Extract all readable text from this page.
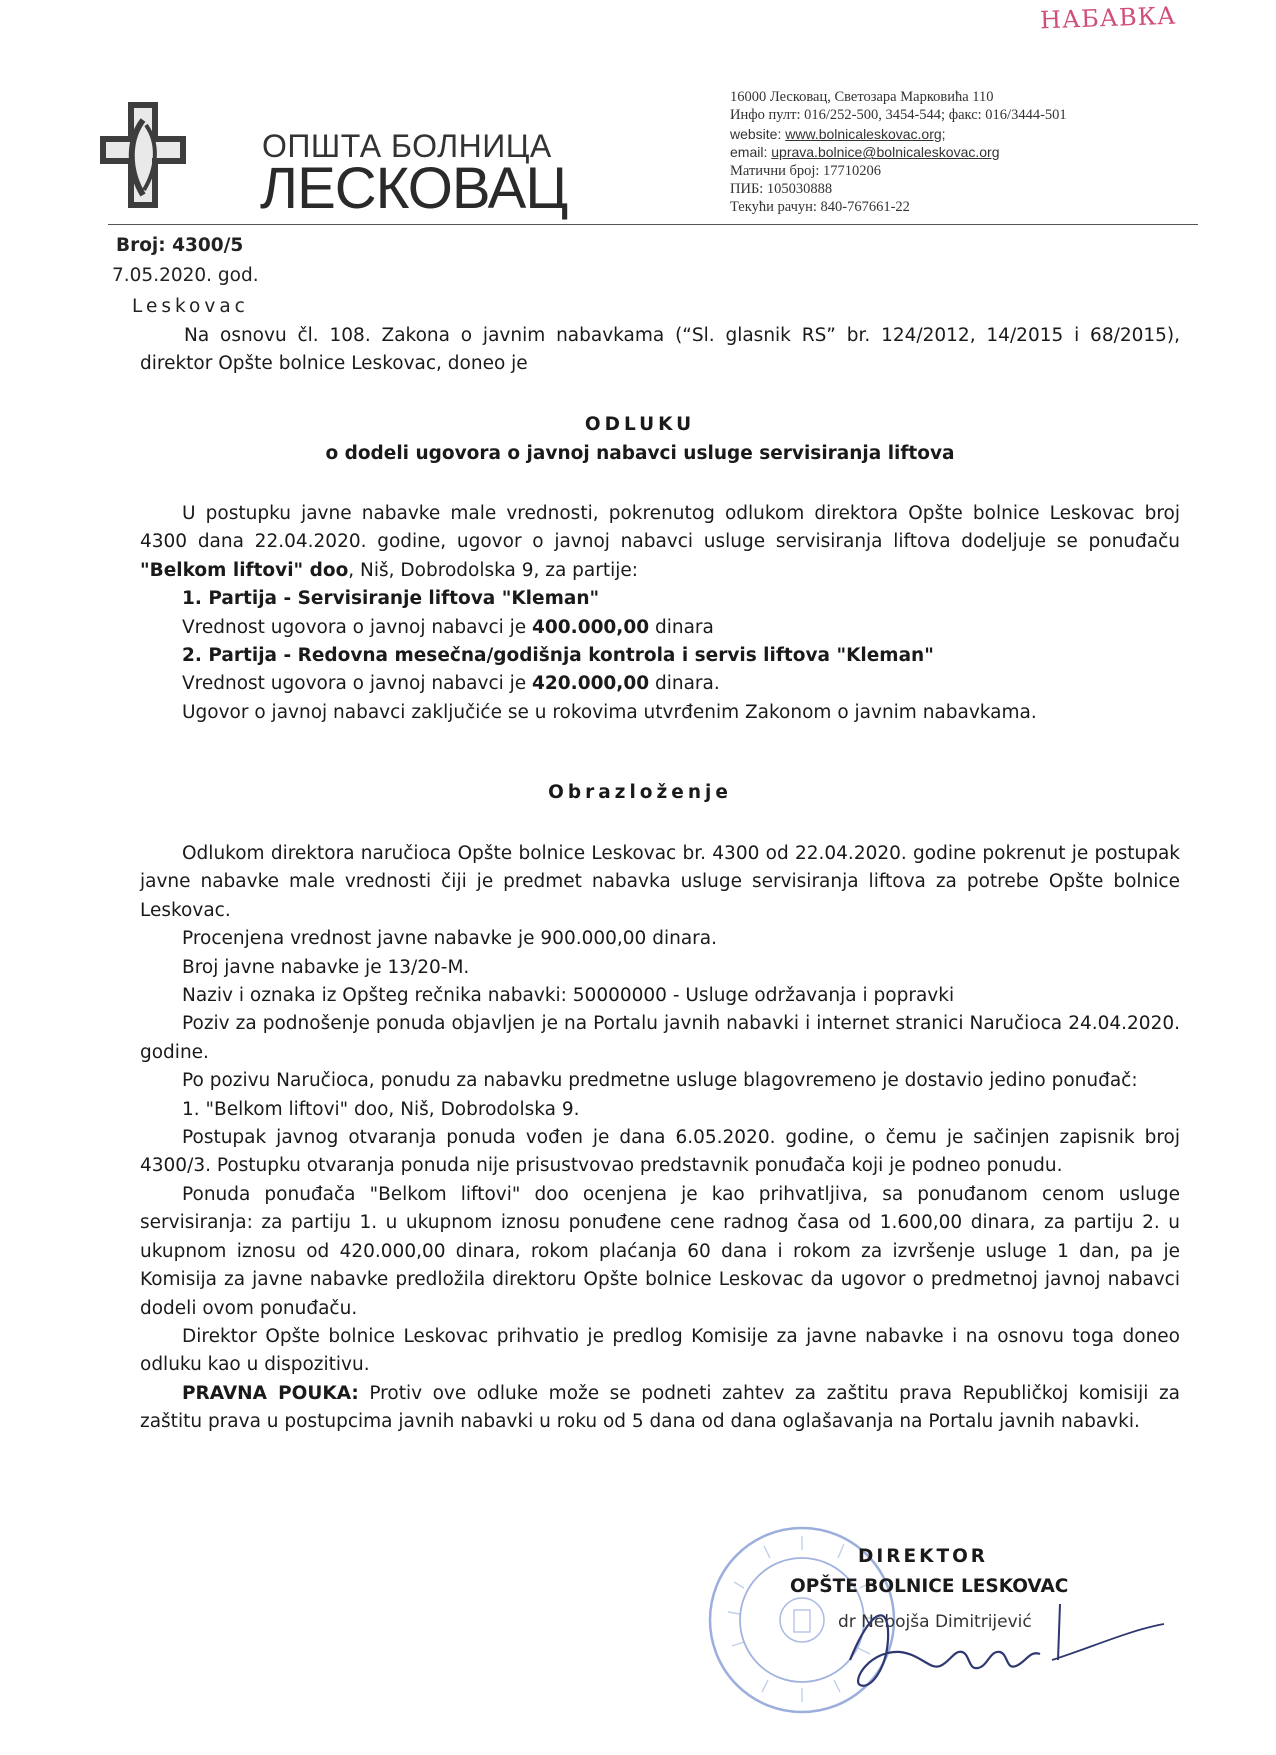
НАБАВКА
ОПШТА БОЛНИЦА
ЛЕСКОВАЦ
16000 Лесковац, Светозара Марковића 110
Инфо пулт: 016/252-500, 3454-544; факс: 016/3444-501
website: www.bolnicaleskovac.org;
email: uprava.bolnice@bolnicaleskovac.org
Матични број: 17710206
ПИБ: 105030888
Текући рачун: 840-767661-22
Broj: 4300/5
7.05.2020. god.
Leskovac

Na osnovu čl. 108. Zakona o javnim nabavkama (“Sl. glasnik RS” br. 124/2012, 14/2015 i 68/2015), direktor Opšte bolnice Leskovac, doneo je

ODLUKU
o dodeli ugovora o javnoj nabavci usluge servisiranja liftova

U postupku javne nabavke male vrednosti, pokrenutog odlukom direktora Opšte bolnice Leskovac broj 4300 dana 22.04.2020. godine, ugovor o javnoj nabavci usluge servisiranja liftova dodeljuje se ponuđaču "Belkom liftovi" doo, Niš, Dobrodolska 9, za partije:

1. Partija - Servisiranje liftova "Kleman"

Vrednost ugovora o javnoj nabavci je 400.000,00 dinara

2. Partija - Redovna mesečna/godišnja kontrola i servis liftova "Kleman"

Vrednost ugovora o javnoj nabavci je 420.000,00 dinara.

Ugovor o javnoj nabavci zaključiće se u rokovima utvrđenim Zakonom o javnim nabavkama.

Obrazloženje

Odlukom direktora naručioca Opšte bolnice Leskovac br. 4300 od 22.04.2020. godine pokrenut je postupak javne nabavke male vrednosti čiji je predmet nabavka usluge servisiranja liftova za potrebe Opšte bolnice Leskovac.

Procenjena vrednost javne nabavke je 900.000,00 dinara.

Broj javne nabavke je 13/20-M.

Naziv i oznaka iz Opšteg rečnika nabavki: 50000000 - Usluge održavanja i popravki

Poziv za podnošenje ponuda objavljen je na Portalu javnih nabavki i internet stranici Naručioca 24.04.2020. godine.

Po pozivu Naručioca, ponudu za nabavku predmetne usluge blagovremeno je dostavio jedino ponuđač:

1. "Belkom liftovi" doo, Niš, Dobrodolska 9.

Postupak javnog otvaranja ponuda vođen je dana 6.05.2020. godine, o čemu je sačinjen zapisnik broj 4300/3. Postupku otvaranja ponuda nije prisustvovao predstavnik ponuđača koji je podneo ponudu.

Ponuda ponuđača "Belkom liftovi" doo ocenjena je kao prihvatljiva, sa ponuđanom cenom usluge servisiranja: za partiju 1. u ukupnom iznosu ponuđene cene radnog časa od 1.600,00 dinara, za partiju 2. u ukupnom iznosu od 420.000,00 dinara, rokom plaćanja 60 dana i rokom za izvršenje usluge 1 dan, pa je Komisija za javne nabavke predložila direktoru Opšte bolnice Leskovac da ugovor o predmetnoj javnoj nabavci dodeli ovom ponuđaču.

Direktor Opšte bolnice Leskovac prihvatio je predlog Komisije za javne nabavke i na osnovu toga doneo odluku kao u dispozitivu.

PRAVNA POUKA: Protiv ove odluke može se podneti zahtev za zaštitu prava Republičkoj komisiji za zaštitu prava u postupcima javnih nabavki u roku od 5 dana od dana oglašavanja na Portalu javnih nabavki.

DIREKTOR
OPŠTE BOLNICE LESKOVAC
dr Nebojša Dimitrijević
